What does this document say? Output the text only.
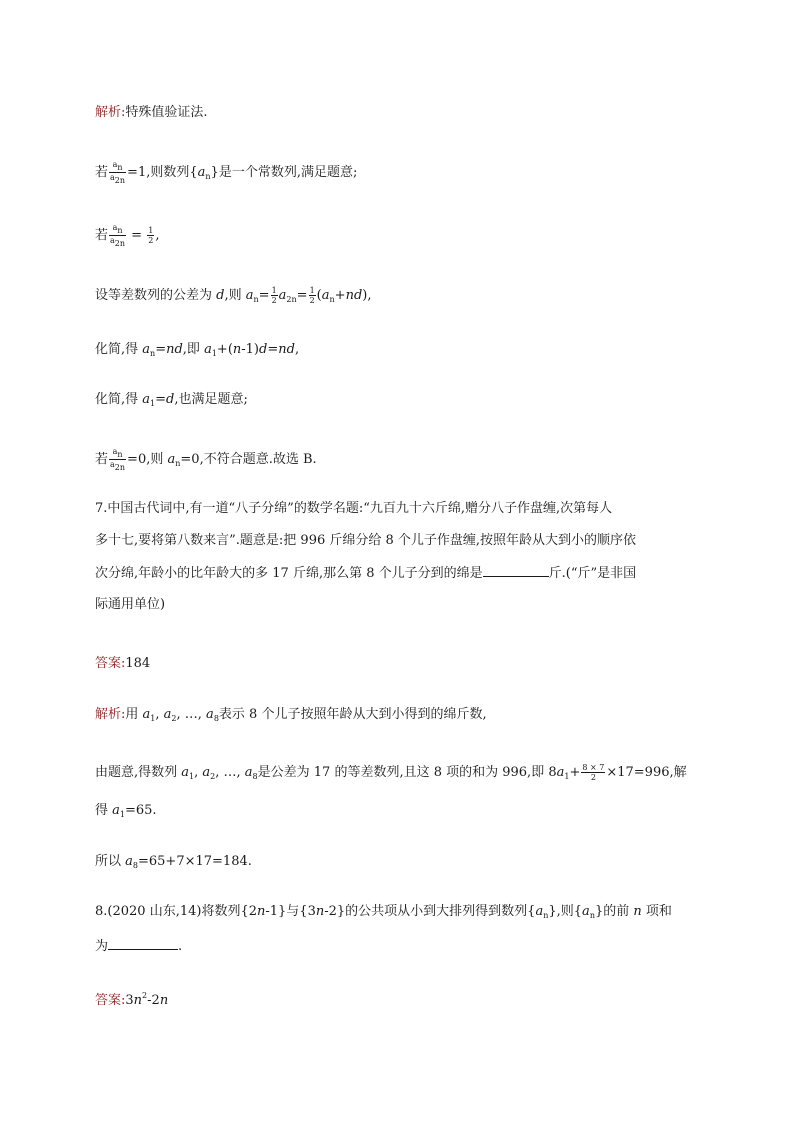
解析:特殊值验证法.
若 $\frac{a_n}{a_{2n}} =1$,则数列$\{a_n\}$是一个常数列,满足题意;
若 $\frac{a_n}{a_{2n}} = \frac{1}{2}$ ,
设等差数列的公差为 d,则 $a_n= \frac{1}{2} a_{2n}= \frac{1}{2} (a_n+nd)$,
化简,得 $a_n=nd$,即 $a_1+(n-1)d=nd$,
化简,得 $a_1=d$,也满足题意;
若 $\frac{a_n}{a_{2n}} =0$,则 $a_n=0$,不符合题意.故选 B.
7.中国古代词中,有一道“八子分绵”的数学名题:“九百九十六斤绵,赠分八子作盘缠,次第每人
多十七,要将第八数来言”.题意是:把 996 斤绵分给 8 个儿子作盘缠,按照年龄从大到小的顺序依
次分绵,年龄小的比年龄大的多 17 斤绵,那么第 8 个儿子分到的绵是	斤.(“斤”是非国
际通用单位)
答案:184
解析:用 $a_1$, $a_2$, …, $a_8$表示 8 个儿子按照年龄从大到小得到的绵斤数,
由题意,得数列 $a_1$, $a_2$, …, $a_8$是公差为 17 的等差数列,且这 8 项的和为 996,即 $8a_1+ \frac{8 \times 7}{2} \times 17=996$,解
得 $a_1=65$.
所以 $a_8=65+7\times 17=184$.
8.(2020 山东,14)将数列{2n-1}与{3n-2}的公共项从小到大排列得到数列$\{a_n\}$,则$\{a_n\}$的前 n 项和
为	.
答案$:3n^2-2n$
